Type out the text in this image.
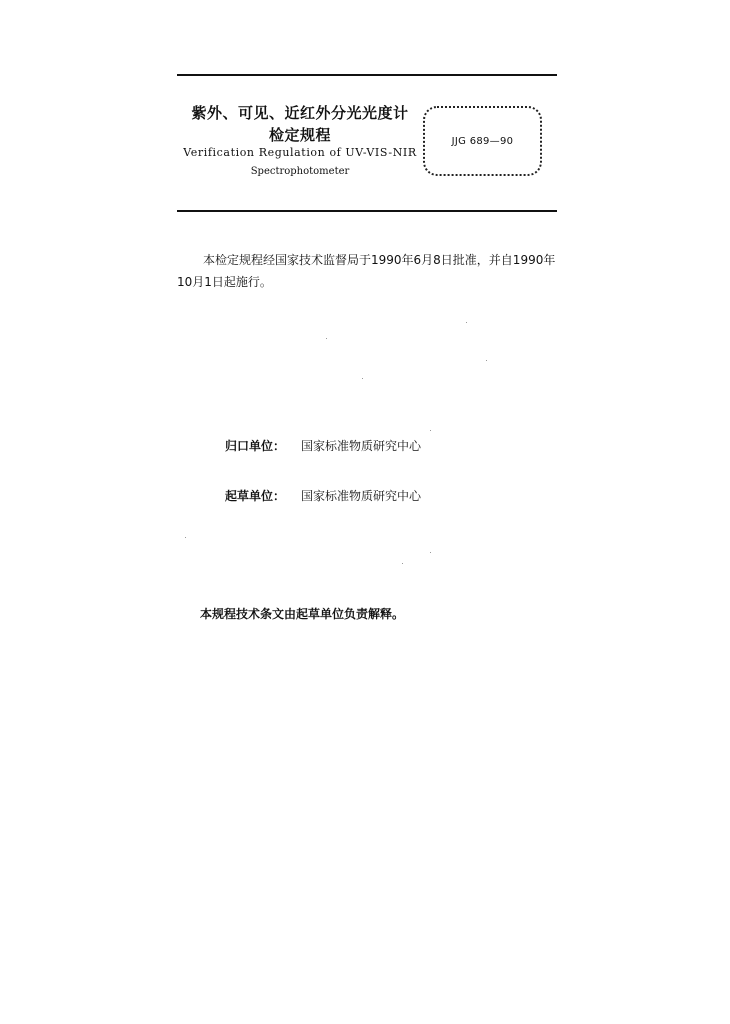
紫外、可见、近红外分光光度计
检定规程
Verification Regulation of UV-VIS-NIR
Spectrophotometer
JJG 689—90
本检定规程经国家技术监督局于1990年6月8日批准，并自1990年10月1日起施行。
归口单位： 国家标准物质研究中心
起草单位： 国家标准物质研究中心
本规程技术条文由起草单位负责解释。
